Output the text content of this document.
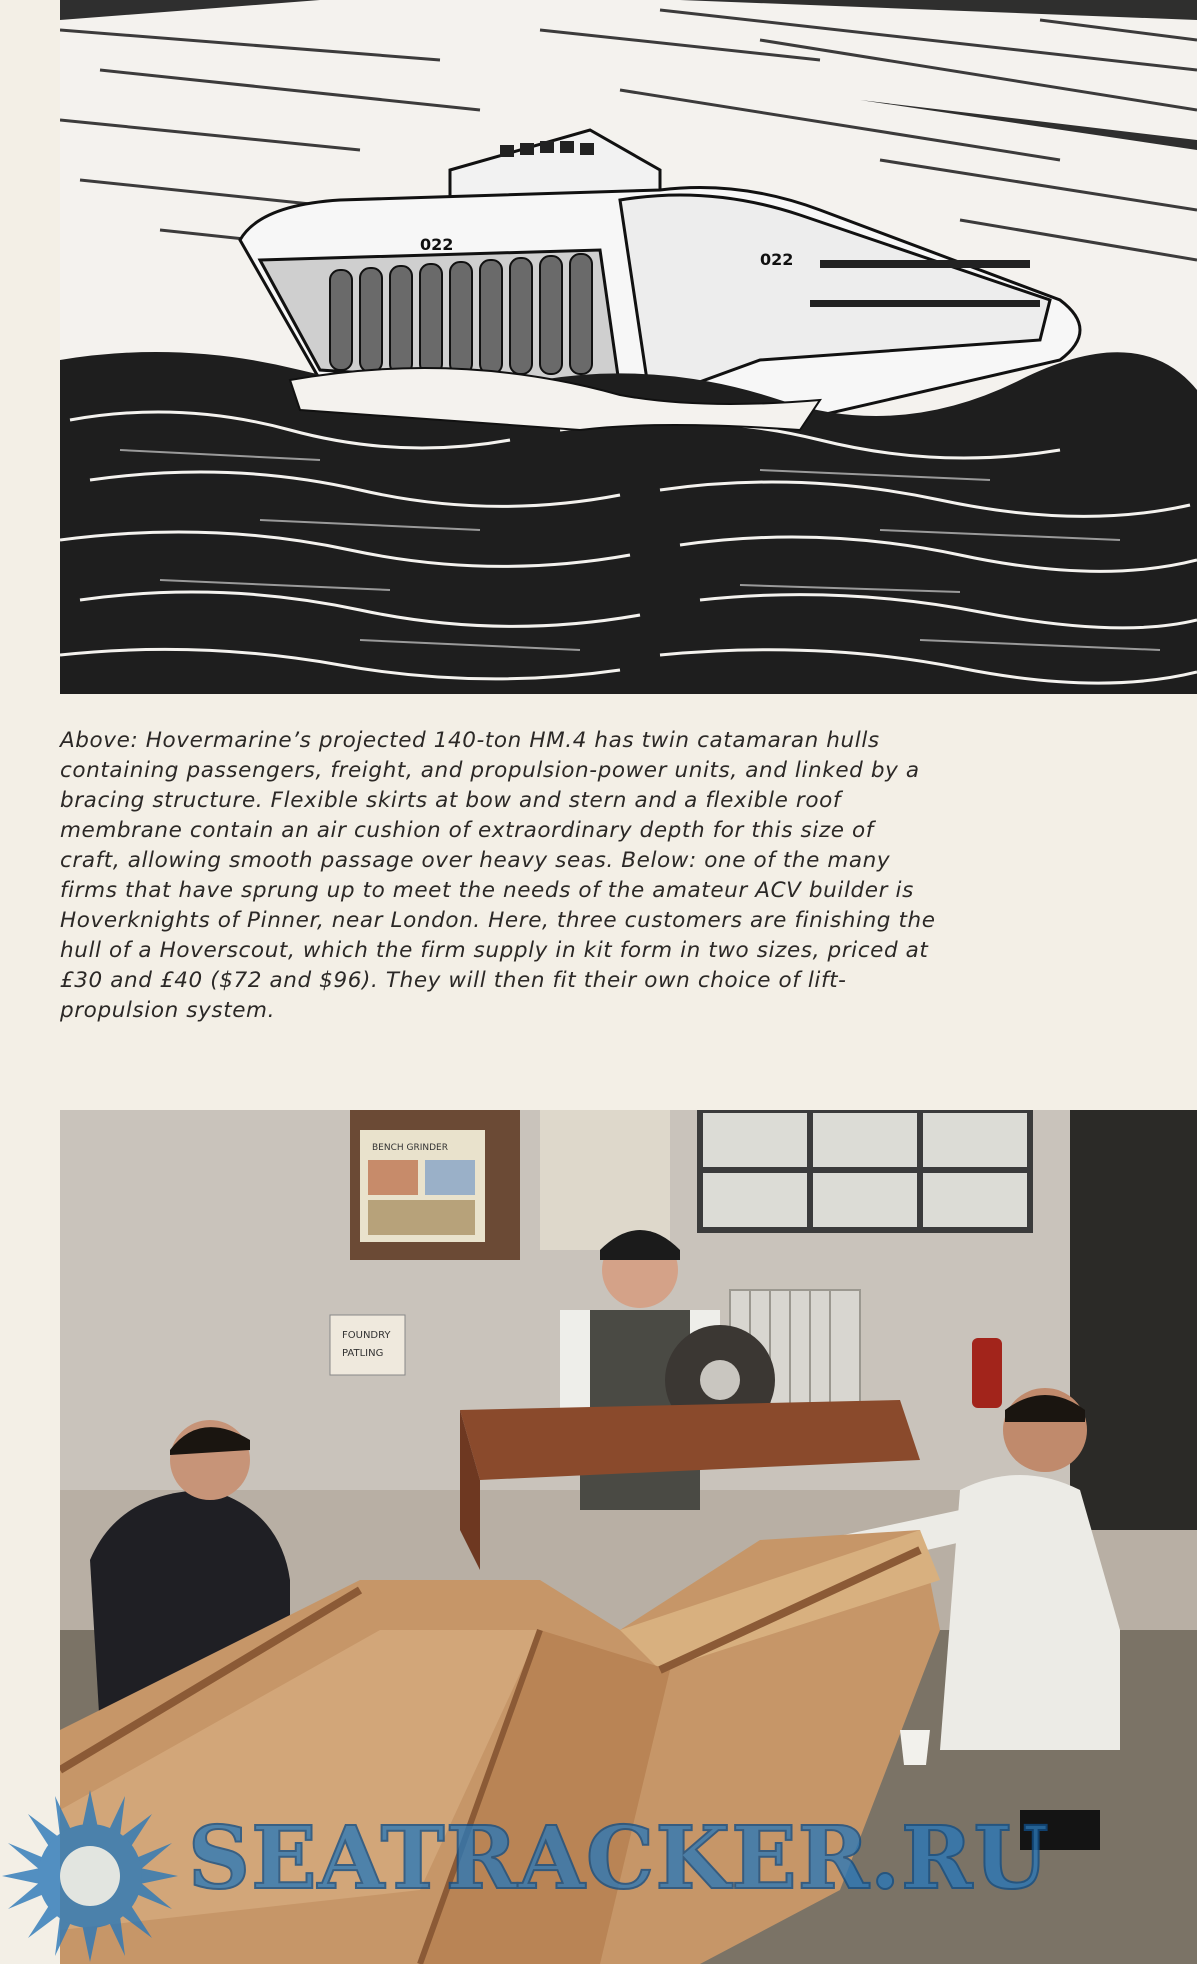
022
022

Above: Hovermarine’s projected 140-ton HM.4 has twin catamaran hulls
containing passengers, freight, and propulsion-power units, and linked by a
bracing structure. Flexible skirts at bow and stern and a flexible roof
membrane contain an air cushion of extraordinary depth for this size of
craft, allowing smooth passage over heavy seas. Below: one of the many
firms that have sprung up to meet the needs of the amateur ACV builder is
Hoverknights of Pinner, near London. Here, three customers are finishing the
hull of a Hoverscout, which the firm supply in kit form in two sizes, priced at
£30 and £40 ($72 and $96). They will then fit their own choice of lift-
propulsion system.

BENCH GRINDER
FOUNDRY
PATLING
SEATRACKER.RU
